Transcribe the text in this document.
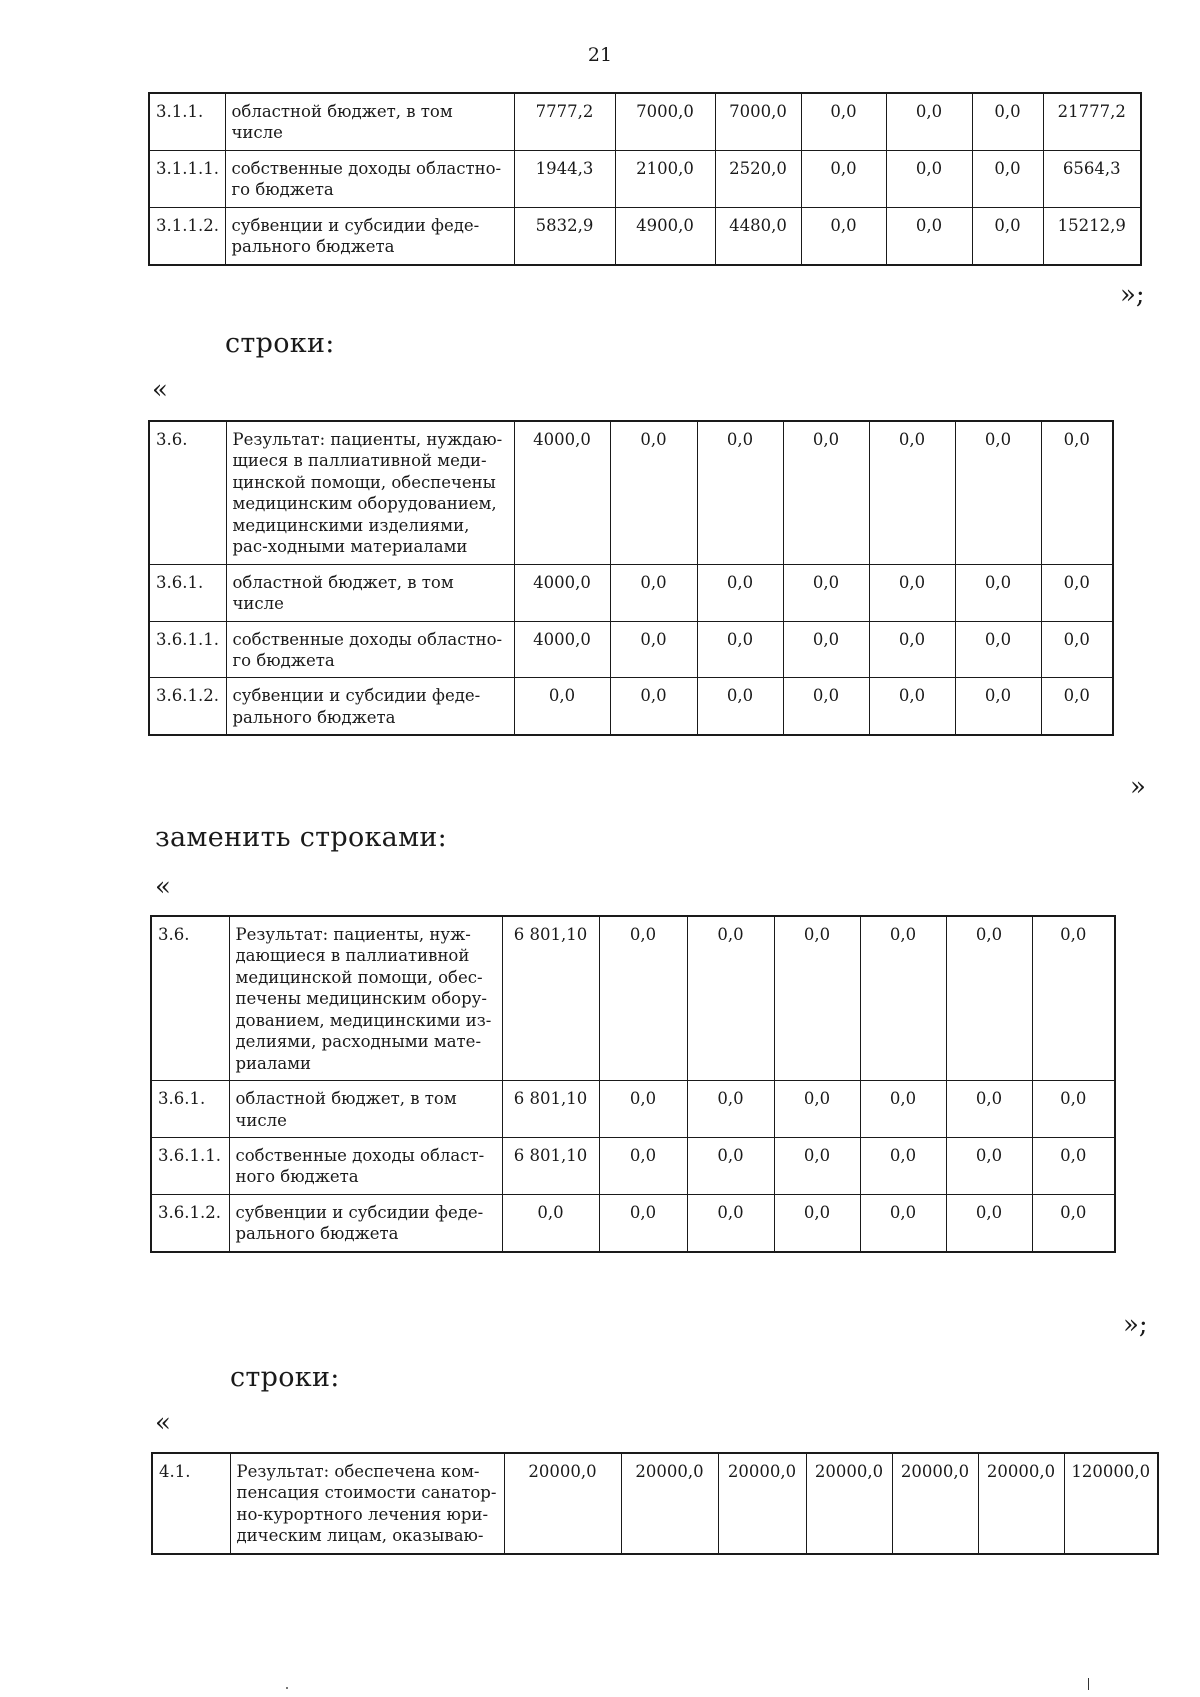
21
3.1.1.	областной бюджет, в том числе	7777,2	7000,0	7000,0	0,0	0,0	0,0	21777,2
3.1.1.1.	собственные доходы областно-го бюджета	1944,3	2100,0	2520,0	0,0	0,0	0,0	6564,3
3.1.1.2.	субвенции и субсидии феде-рального бюджета	5832,9	4900,0	4480,0	0,0	0,0	0,0	15212,9
»;
строки:
«
3.6.	Результат: пациенты, нуждаю-щиеся в паллиативной меди-цинской помощи, обеспечены медицинским оборудованием, медицинскими изделиями, рас-ходными материалами	4000,0	0,0	0,0	0,0	0,0	0,0	0,0
3.6.1.	областной бюджет, в том числе	4000,0	0,0	0,0	0,0	0,0	0,0	0,0
3.6.1.1.	собственные доходы областно-го бюджета	4000,0	0,0	0,0	0,0	0,0	0,0	0,0
3.6.1.2.	субвенции и субсидии феде-рального бюджета	0,0	0,0	0,0	0,0	0,0	0,0	0,0
»
заменить строками:
«
3.6.	Результат: пациенты, нуж-дающиеся в паллиативной медицинской помощи, обес-печены медицинским обору-дованием, медицинскими из-делиями, расходными мате-риалами	6 801,10	0,0	0,0	0,0	0,0	0,0	0,0
3.6.1.	областной бюджет, в том числе	6 801,10	0,0	0,0	0,0	0,0	0,0	0,0
3.6.1.1.	собственные доходы област-ного бюджета	6 801,10	0,0	0,0	0,0	0,0	0,0	0,0
3.6.1.2.	субвенции и субсидии феде-рального бюджета	0,0	0,0	0,0	0,0	0,0	0,0	0,0
»;
строки:
«
4.1.	Результат: обеспечена ком-пенсация стоимости санатор-но-курортного лечения юри-дическим лицам, оказываю-	20000,0	20000,0	20000,0	20000,0	20000,0	20000,0	120000,0
